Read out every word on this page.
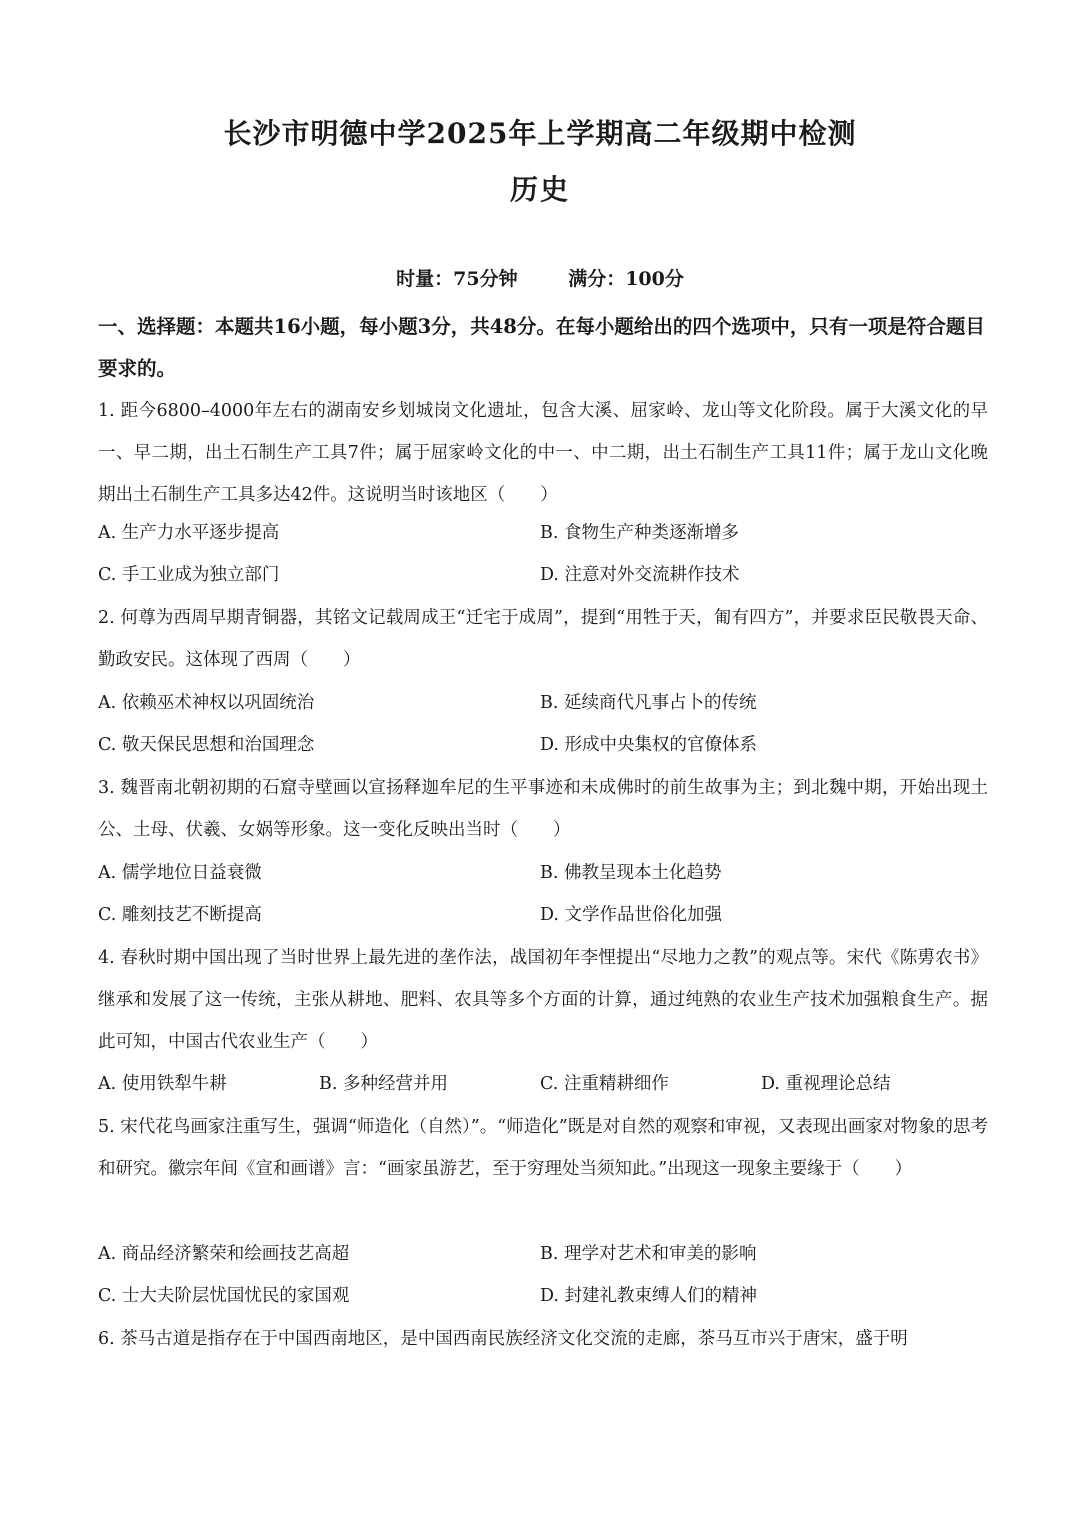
长沙市明德中学2025年上学期高二年级期中检测
历史
时量：75分钟	满分：100分
一、选择题：本题共16小题，每小题3分，共48分。在每小题给出的四个选项中，只有一项是符合题目要求的。
1. 距今6800–4000年左右的湖南安乡划城岗文化遗址，包含大溪、屈家岭、龙山等文化阶段。属于大溪文化的早一、早二期，出土石制生产工具7件；属于屈家岭文化的中一、中二期，出土石制生产工具11件；属于龙山文化晚期出土石制生产工具多达42件。这说明当时该地区（　　）
A. 生产力水平逐步提高	B. 食物生产种类逐渐增多
C. 手工业成为独立部门	D. 注意对外交流耕作技术
2. 何尊为西周早期青铜器，其铭文记载周成王“迁宅于成周”，提到“用牲于天，匍有四方”，并要求臣民敬畏天命、勤政安民。这体现了西周（　　）
A. 依赖巫术神权以巩固统治	B. 延续商代凡事占卜的传统
C. 敬天保民思想和治国理念	D. 形成中央集权的官僚体系
3. 魏晋南北朝初期的石窟寺壁画以宣扬释迦牟尼的生平事迹和未成佛时的前生故事为主；到北魏中期，开始出现土公、土母、伏羲、女娲等形象。这一变化反映出当时（　　）
A. 儒学地位日益衰微	B. 佛教呈现本土化趋势
C. 雕刻技艺不断提高	D. 文学作品世俗化加强
4. 春秋时期中国出现了当时世界上最先进的垄作法，战国初年李悝提出“尽地力之教”的观点等。宋代《陈旉农书》继承和发展了这一传统，主张从耕地、肥料、农具等多个方面的计算，通过纯熟的农业生产技术加强粮食生产。据此可知，中国古代农业生产（　　）
A. 使用铁犁牛耕	B. 多种经营并用	C. 注重精耕细作	D. 重视理论总结
5. 宋代花鸟画家注重写生，强调“师造化（自然）”。“师造化”既是对自然的观察和审视，又表现出画家对物象的思考和研究。徽宗年间《宣和画谱》言：“画家虽游艺，至于穷理处当须知此。”出现这一现象主要缘于（　　）
A. 商品经济繁荣和绘画技艺高超	B. 理学对艺术和审美的影响
C. 士大夫阶层忧国忧民的家国观	D. 封建礼教束缚人们的精神
6. 茶马古道是指存在于中国西南地区，是中国西南民族经济文化交流的走廊，茶马互市兴于唐宋，盛于明
